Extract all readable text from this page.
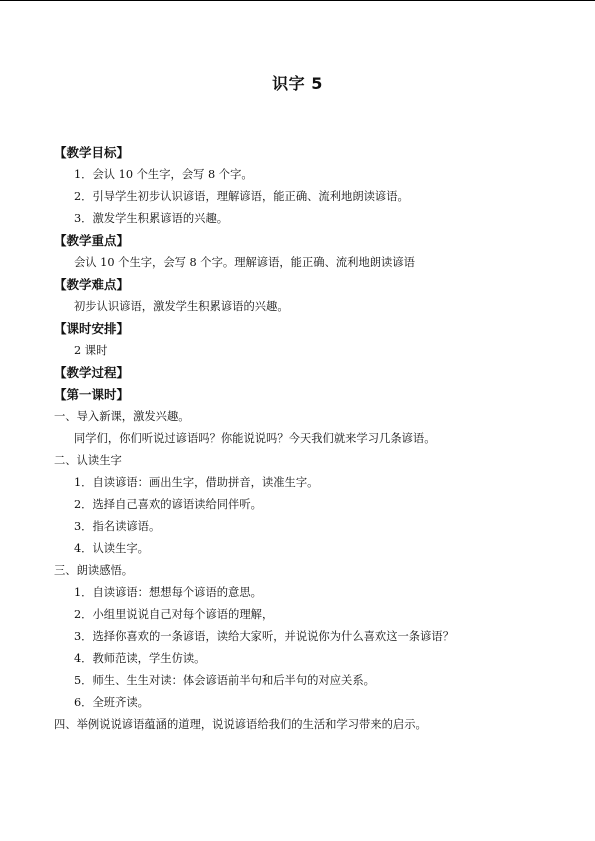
识字 5
【教学目标】
1．会认 10 个生字，会写 8 个字。
2．引导学生初步认识谚语，理解谚语，能正确、流利地朗读谚语。
3．激发学生积累谚语的兴趣。
【教学重点】
会认 10 个生字，会写 8 个字。理解谚语，能正确、流利地朗读谚语
【教学难点】
初步认识谚语，激发学生积累谚语的兴趣。
【课时安排】
2 课时
【教学过程】
【第一课时】
一、导入新课，激发兴趣。
同学们，你们听说过谚语吗？你能说说吗？今天我们就来学习几条谚语。
二、认读生字
1．自读谚语：画出生字，借助拼音，读准生字。
2．选择自己喜欢的谚语读给同伴听。
3．指名读谚语。
4．认读生字。
三、朗读感悟。
1．自读谚语：想想每个谚语的意思。
2．小组里说说自己对每个谚语的理解，
3．选择你喜欢的一条谚语，读给大家听，并说说你为什么喜欢这一条谚语？
4．教师范读，学生仿读。
5．师生、生生对读：体会谚语前半句和后半句的对应关系。
6．全班齐读。
四、举例说说谚语蕴涵的道理，说说谚语给我们的生活和学习带来的启示。
